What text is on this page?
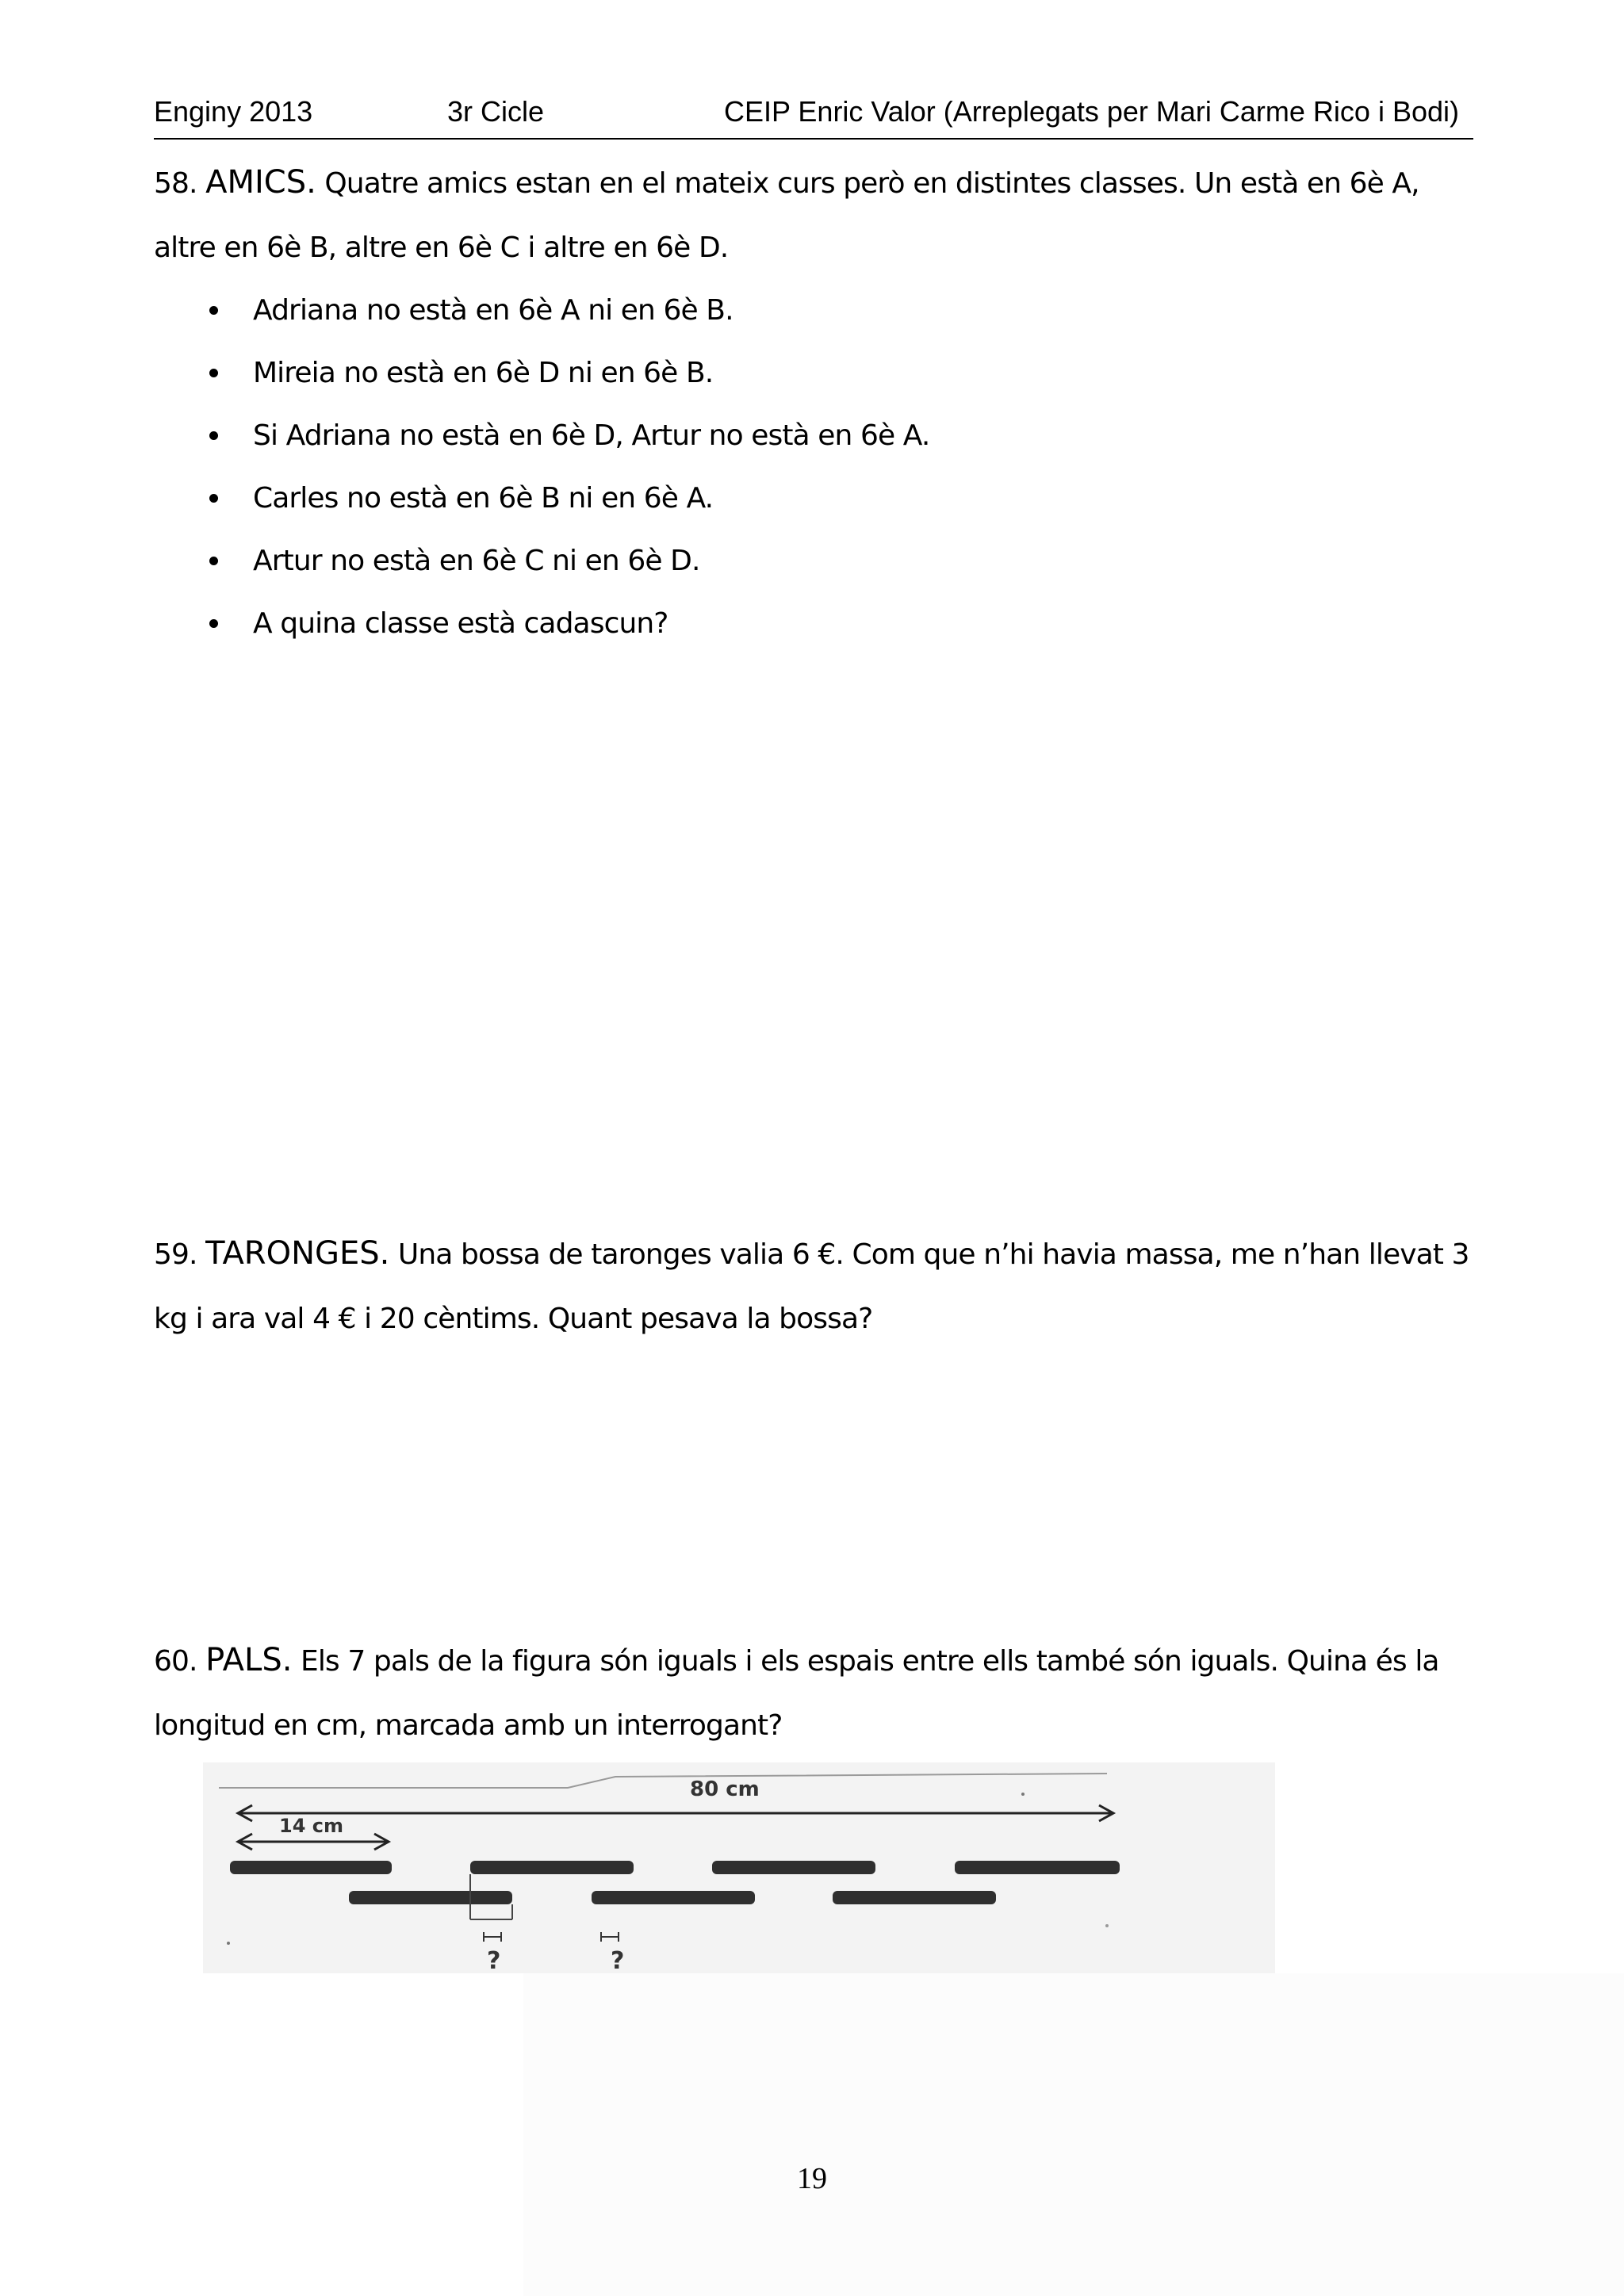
Enginy 2013	3r Cicle	CEIP Enric Valor (Arreplegats per Mari Carme Rico i Bodi)

58. AMICS. Quatre amics estan en el mateix curs però en distintes classes. Un està en 6è A, altre en 6è B, altre en 6è C i altre en 6è D.

Adriana no està en 6è A ni en 6è B.
Mireia no està en 6è D ni en 6è B.
Si Adriana no està en 6è D, Artur no està en 6è A.
Carles no està en 6è B ni en 6è A.
Artur no està en 6è C ni en 6è D.
A quina classe està cadascun?

59. TARONGES. Una bossa de taronges valia 6 €. Com que n’hi havia massa, me n’han llevat 3 kg i ara val 4 € i 20 cèntims. Quant pesava la bossa?

60. PALS. Els 7 pals de la figura són iguals i els espais entre ells també són iguals. Quina és la longitud en cm, marcada amb un interrogant?

80 cm
14 cm
?	?
19
